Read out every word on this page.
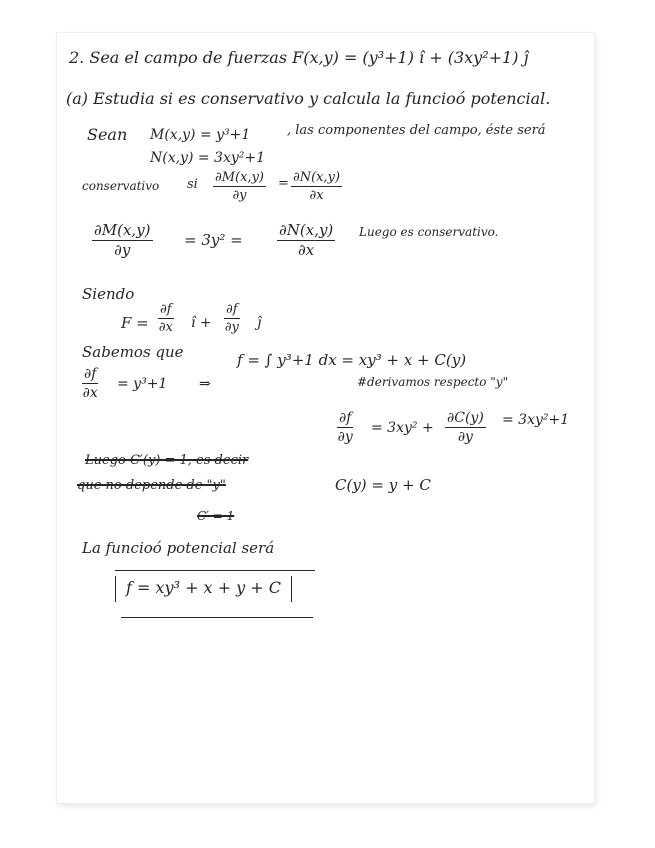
2. Sea el campo de fuerzas F(x,y) = (y³+1) î + (3xy²+1) ĵ
(a) Estudia si es conservativo y calcula la funcioó potencial.
Sean M(x,y) = y³+1	, las componentes del campo, éste será
N(x,y) = 3xy²+1
conservativo si $\frac{\partial M(x,y)}{\partial y} = \frac{\partial N(x,y)}{\partial x}$
$\frac{\partial M(x,y)}{\partial y} = 3y^2 = \frac{\partial N(x,y)}{\partial x}$ Luego es conservativo.
Siendo
$F = \frac{\partial f}{\partial x}$ î + $\frac{\partial f}{\partial y}$ ĵ
Sabemos que
$\frac{\partial f}{\partial x} = y^3+1$ ⇒
f = ∫ y³+1 dx = xy³ + x + C(y)
#derivamos respecto "y"
$\frac{\partial f}{\partial y} = 3xy^2 + \frac{\partial C(y)}{\partial y} = 3xy^2+1$
Luego C′(y) = 1, es decir
que no depende de "y"
C′ = 1
C(y) = y + C
La funcioó potencial será
f = xy³ + x + y + C
